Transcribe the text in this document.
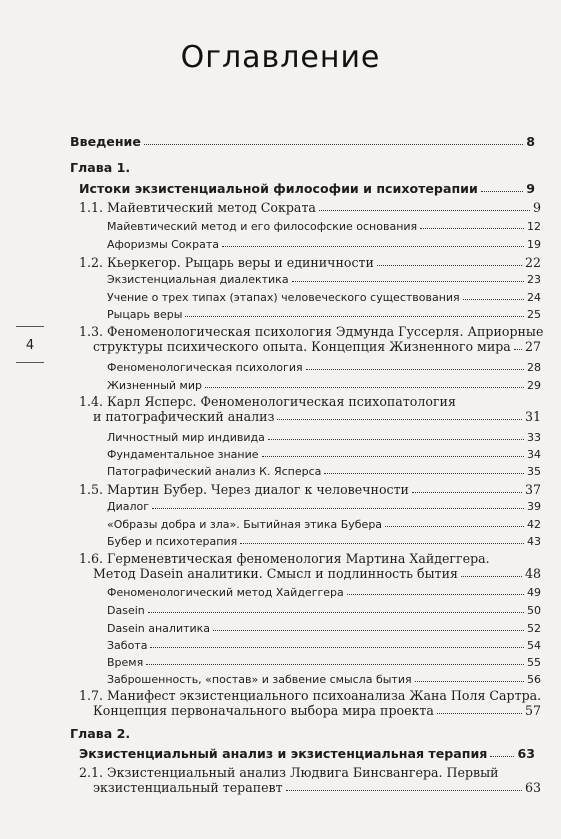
Оглавление
4
Введение	8
Глава 1.
Истоки экзистенциальной философии и психотерапии	9
1.1. Майевтический метод Сократа	9
Майевтический метод и его философские основания	12
Афоризмы Сократа	19
1.2. Кьеркегор. Рыцарь веры и единичности	22
Экзистенциальная диалектика	23
Учение о трех типах (этапах) человеческого существования	24
Рыцарь веры	25
1.3. Феноменологическая психология Эдмунда Гуссерля. Априорные
структуры психического опыта. Концепция Жизненного мира 27
Феноменологическая психология	28
Жизненный мир	29
1.4. Карл Ясперс. Феноменологическая психопатология
и патографический анализ	31
Личностный мир индивида	33
Фундаментальное знание	34
Патографический анализ К. Ясперса	35
1.5. Мартин Бубер. Через диалог к человечности	37
Диалог	39
«Образы добра и зла». Бытийная этика Бубера	42
Бубер и психотерапия	43
1.6. Герменевтическая феноменология Мартина Хайдеггера.
Метод Dasein аналитики. Смысл и подлинность бытия	48
Феноменологический метод Хайдеггера	49
Dasein	50
Dasein аналитика	52
Забота	54
Время	55
Заброшенность, «постав» и забвение смысла бытия	56
1.7. Манифест экзистенциального психоанализа Жана Поля Сартра.
Концепция первоначального выбора мира проекта	57
Глава 2.
Экзистенциальный анализ и экзистенциальная терапия 63
2.1. Экзистенциальный анализ Людвига Бинсвангера. Первый
экзистенциальный терапевт	63
